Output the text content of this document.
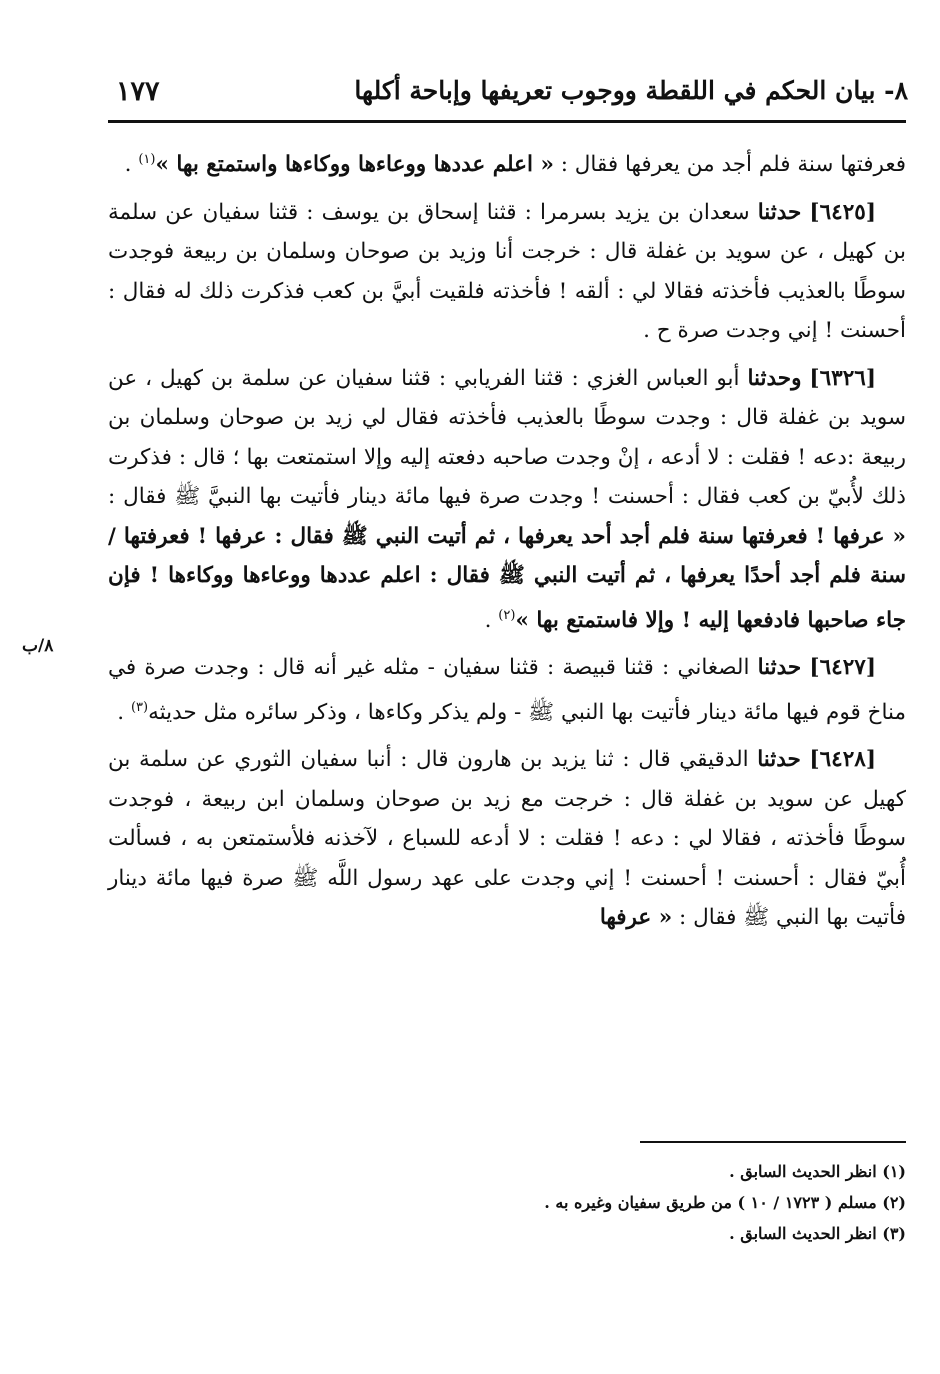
١٧٧	٨- بيان الحكم في اللقطة ووجوب تعريفها وإباحة أكلها
٨/ب

فعرفتها سنة فلم أجد من يعرفها فقال : « اعلم عددها ووعاءها ووكاءها واستمتع بها »$^{(١)}$ .

[٦٤٢٥] حدثنا سعدان بن يزيد بسرمرا : قثنا إسحاق بن يوسف : قثنا سفيان عن سلمة بن كهيل ، عن سويد بن غفلة قال : خرجت أنا وزيد بن صوحان وسلمان بن ربيعة فوجدت سوطًا بالعذيب فأخذته فقالا لي : ألقه ! فأخذته فلقيت أبيَّ بن كعب فذكرت ذلك له فقال : أحسنت ! إني وجدت صرة ح .

[٦٣٢٦] وحدثنا أبو العباس الغزي : قثنا الفريابي : قثنا سفيان عن سلمة بن كهيل ، عن سويد بن غفلة قال : وجدت سوطًا بالعذيب فأخذته فقال لي زيد بن صوحان وسلمان بن ربيعة :دعه ! فقلت : لا أدعه ، إنْ وجدت صاحبه دفعته إليه وإلا استمتعت بها ؛ قال : فذكرت ذلك لأُبيّ بن كعب فقال : أحسنت ! وجدت صرة فيها مائة دينار فأتيت بها النبيَّ ﷺ فقال : « عرفها ! فعرفتها سنة فلم أجد أحد يعرفها ، ثم أتيت النبي ﷺ فقال : عرفها ! فعرفتها / سنة فلم أجد أحدًا يعرفها ، ثم أتيت النبي ﷺ فقال : اعلم عددها ووعاءها ووكاءها ! فإن جاء صاحبها فادفعها إليه ! وإلا فاستمتع بها »$^{(٢)}$ .

[٦٤٢٧] حدثنا الصغاني : قثنا قبيصة : قثنا سفيان - مثله غير أنه قال : وجدت صرة في مناخ قوم فيها مائة دينار فأتيت بها النبي ﷺ - ولم يذكر وكاءها ، وذكر سائره مثل حديثه$^{(٣)}$ .

[٦٤٢٨] حدثنا الدقيقي قال : ثنا يزيد بن هارون قال : أنبا سفيان الثوري عن سلمة بن كهيل عن سويد بن غفلة قال : خرجت مع زيد بن صوحان وسلمان ابن ربيعة ، فوجدت سوطًا فأخذته ، فقالا لي : دعه ! فقلت : لا أدعه للسباع ، لآخذنه فلأستمتعن به ، فسألت أُبيّ فقال : أحسنت ! أحسنت ! إني وجدت على عهد رسول اللَّه ﷺ صرة فيها مائة دينار فأتيت بها النبي ﷺ فقال : « عرفها

(١) انظر الحديث السابق .
(٢) مسلم ( ١٧٢٣ / ١٠ ) من طريق سفيان وغيره به .
(٣) انظر الحديث السابق .
